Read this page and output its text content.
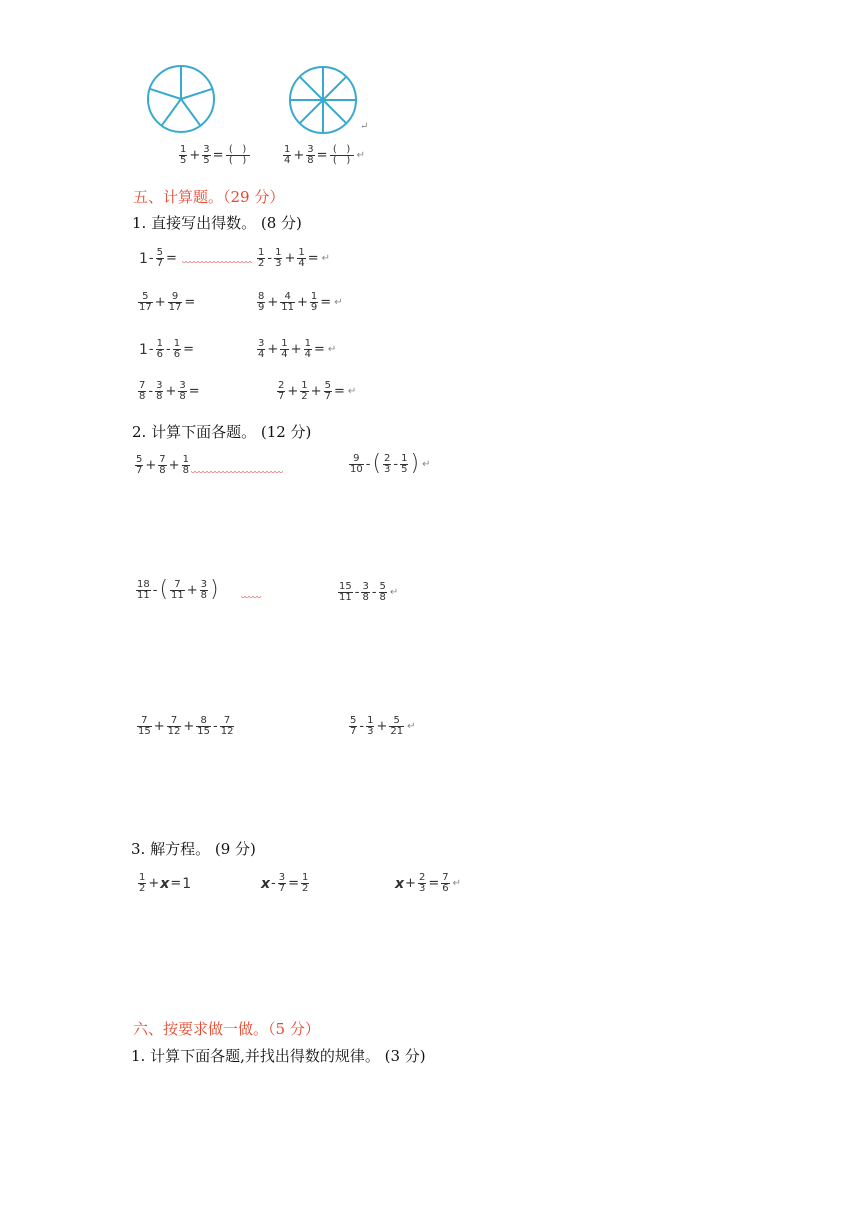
↵
$\frac{1}{5} + \frac{3}{5} = \frac{( )}{( )}$	$\frac{1}{4} + \frac{3}{8} = \frac{( )}{( )}$ ↵
五、计算题。（29 分）
1. 直接写出得数。 (8 分)
$1 - \frac{5}{7}$ =	$\frac{1}{2} - \frac{1}{3} + \frac{1}{4}$ = ↵
$\frac{5}{17} + \frac{9}{17}$ =	$\frac{8}{9} + \frac{4}{11} + \frac{1}{9}$ = ↵
$1 - \frac{1}{6} - \frac{1}{6}$ =	$\frac{3}{4} + \frac{1}{4} + \frac{1}{4}$ = ↵
$\frac{7}{8} - \frac{3}{8} + \frac{3}{8}$ =	$\frac{2}{7} + \frac{1}{2} + \frac{5}{7}$ = ↵
2. 计算下面各题。 (12 分)
$\frac{5}{7} + \frac{7}{8} + \frac{1}{8}$	$\frac{9}{10}$ - ( $\frac{2}{3} - \frac{1}{5}$ ) ↵
$\frac{18}{11}$ - ( $\frac{7}{11} + \frac{3}{8}$ )	$\frac{15}{11} - \frac{3}{8} - \frac{5}{8}$ ↵
$\frac{7}{15} + \frac{7}{12} + \frac{8}{15} - \frac{7}{12}$	$\frac{5}{7} - \frac{1}{3} + \frac{5}{21}$ ↵
3. 解方程。 (9 分)
$\frac{1}{2} + x = 1$	$x - \frac{3}{7} = \frac{1}{2}$	$x + \frac{2}{3} = \frac{7}{6}$ ↵
六、按要求做一做。（5 分）
1. 计算下面各题,并找出得数的规律。 (3 分)
